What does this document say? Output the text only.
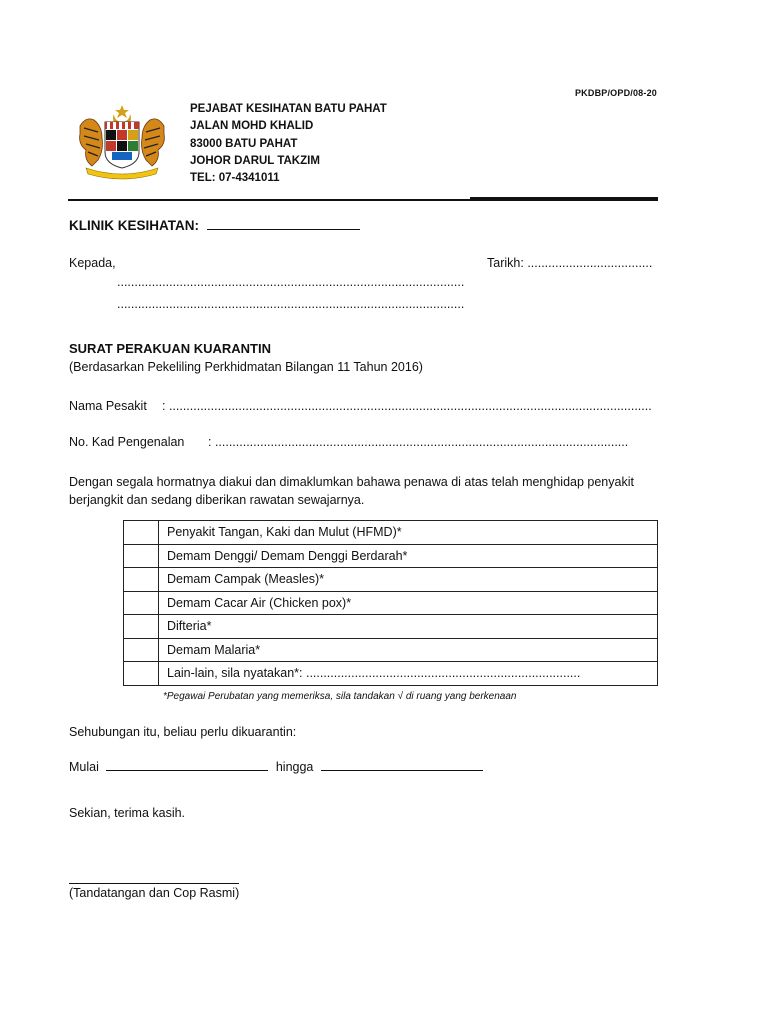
PKDBP/OPD/08-20
PEJABAT KESIHATAN BATU PAHAT
JALAN MOHD KHALID
83000 BATU PAHAT
JOHOR DARUL TAKZIM
TEL: 07-4341011
KLINIK KESIHATAN:
Kepada,	Tarikh: ....................................
....................................................................................................
....................................................................................................
SURAT PERAKUAN KUARANTIN
(Berdasarkan Pekeliling Perkhidmatan Bilangan 11 Tahun 2016)
Nama Pesakit : ...........................................................................................................................................
No. Kad Pengenalan : .......................................................................................................................
Dengan segala hormatnya diakui dan dimaklumkan bahawa penawa di atas telah menghidap penyakit berjangkit dan sedang diberikan rawatan sewajarnya.
	Penyakit Tangan, Kaki dan Mulut (HFMD)*
	Demam Denggi/ Demam Denggi Berdarah*
	Demam Campak (Measles)*
	Demam Cacar Air (Chicken pox)*
	Difteria*
	Demam Malaria*
	Lain-lain, sila nyatakan*: ...............................................................................
*Pegawai Perubatan yang memeriksa, sila tandakan √ di ruang yang berkenaan
Sehubungan itu, beliau perlu dikuarantin:
Mulai	hingga
Sekian, terima kasih.
(Tandatangan dan Cop Rasmi)
